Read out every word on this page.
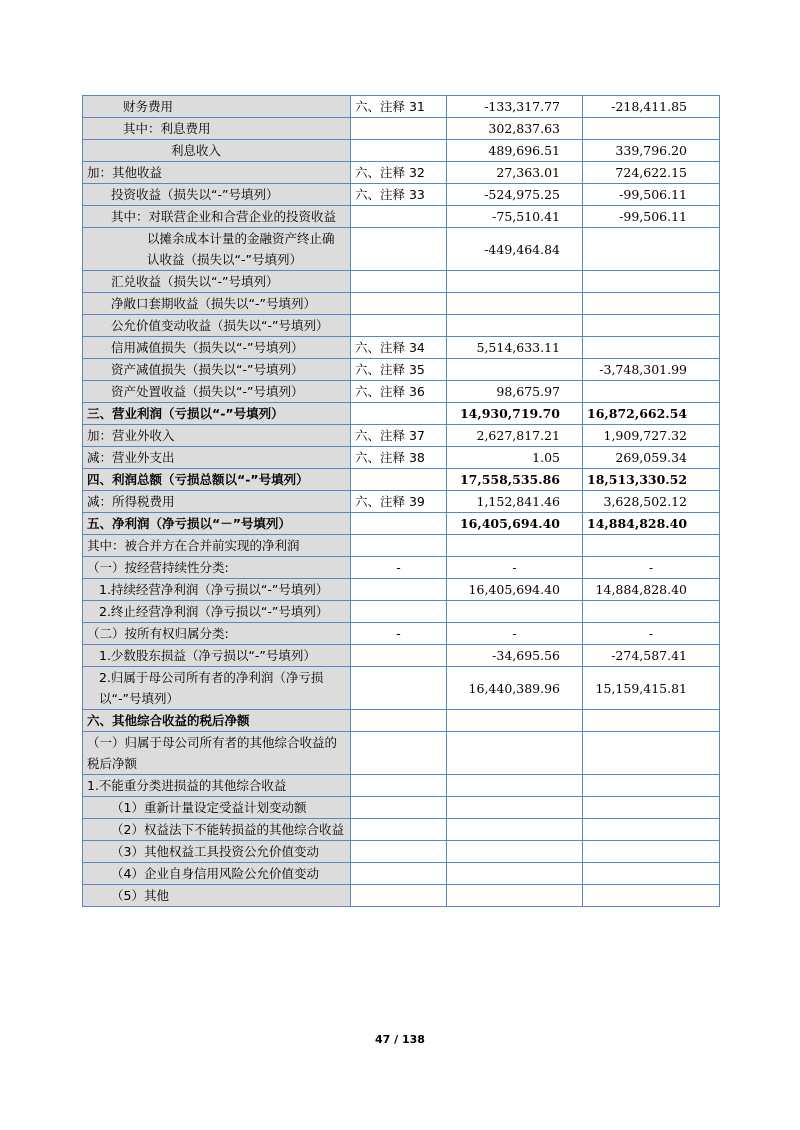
财务费用	六、注释 31	-133,317.77	-218,411.85
其中：利息费用		302,837.63	
利息收入		489,696.51	339,796.20
加：其他收益	六、注释 32	27,363.01	724,622.15
投资收益（损失以“-”号填列）	六、注释 33	-524,975.25	-99,506.11
其中：对联营企业和合营企业的投资收益		-75,510.41	-99,506.11
以摊余成本计量的金融资产终止确认收益（损失以“-”号填列）		-449,464.84	
汇兑收益（损失以“-”号填列）			
净敞口套期收益（损失以“-”号填列）			
公允价值变动收益（损失以“-”号填列）			
信用减值损失（损失以“-”号填列）	六、注释 34	5,514,633.11	
资产减值损失（损失以“-”号填列）	六、注释 35		-3,748,301.99
资产处置收益（损失以“-”号填列）	六、注释 36	98,675.97	
三、营业利润（亏损以“-”号填列）		14,930,719.70	16,872,662.54
加：营业外收入	六、注释 37	2,627,817.21	1,909,727.32
减：营业外支出	六、注释 38	1.05	269,059.34
四、利润总额（亏损总额以“-”号填列）		17,558,535.86	18,513,330.52
减：所得税费用	六、注释 39	1,152,841.46	3,628,502.12
五、净利润（净亏损以“－”号填列）		16,405,694.40	14,884,828.40
其中：被合并方在合并前实现的净利润			
（一）按经营持续性分类:	-	-	-
1.持续经营净利润（净亏损以“-”号填列）		16,405,694.40	14,884,828.40
2.终止经营净利润（净亏损以“-”号填列）			
（二）按所有权归属分类:	-	-	-
1.少数股东损益（净亏损以“-”号填列）		-34,695.56	-274,587.41
2.归属于母公司所有者的净利润（净亏损以“-”号填列）		16,440,389.96	15,159,415.81
六、其他综合收益的税后净额			
（一）归属于母公司所有者的其他综合收益的税后净额			
1.不能重分类进损益的其他综合收益			
（1）重新计量设定受益计划变动额			
（2）权益法下不能转损益的其他综合收益			
（3）其他权益工具投资公允价值变动			
（4）企业自身信用风险公允价值变动			
（5）其他			
47 / 138
